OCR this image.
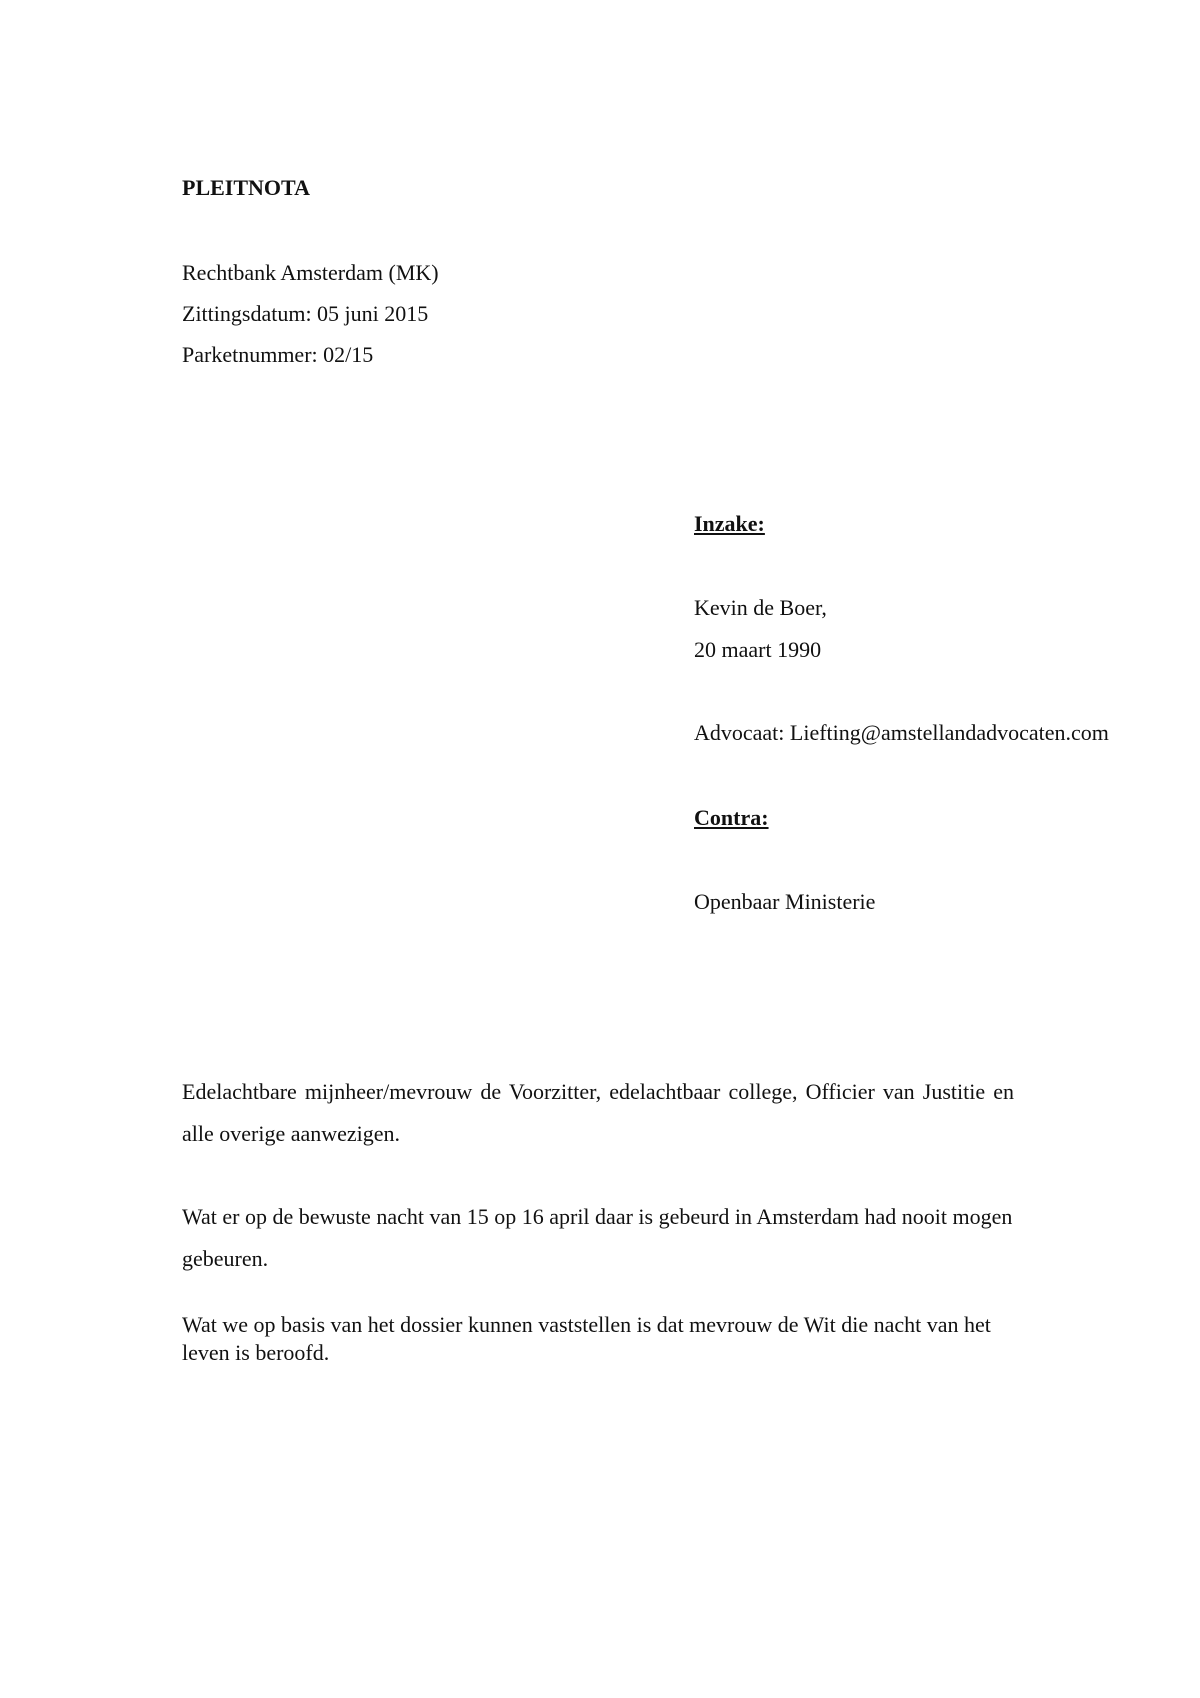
PLEITNOTA

Rechtbank Amsterdam (MK)

Zittingsdatum: 05 juni 2015

Parketnummer: 02/15

Inzake:

Kevin de Boer,

20 maart 1990

Advocaat: Liefting@amstellandadvocaten.com

Contra:

Openbaar Ministerie

Edelachtbare mijnheer/mevrouw de Voorzitter, edelachtbaar college, Officier van Justitie en alle overige aanwezigen.

Wat er op de bewuste nacht van 15 op 16 april daar is gebeurd in Amsterdam had nooit mogen gebeuren.

Wat we op basis van het dossier kunnen vaststellen is dat mevrouw de Wit die nacht van het leven is beroofd.
